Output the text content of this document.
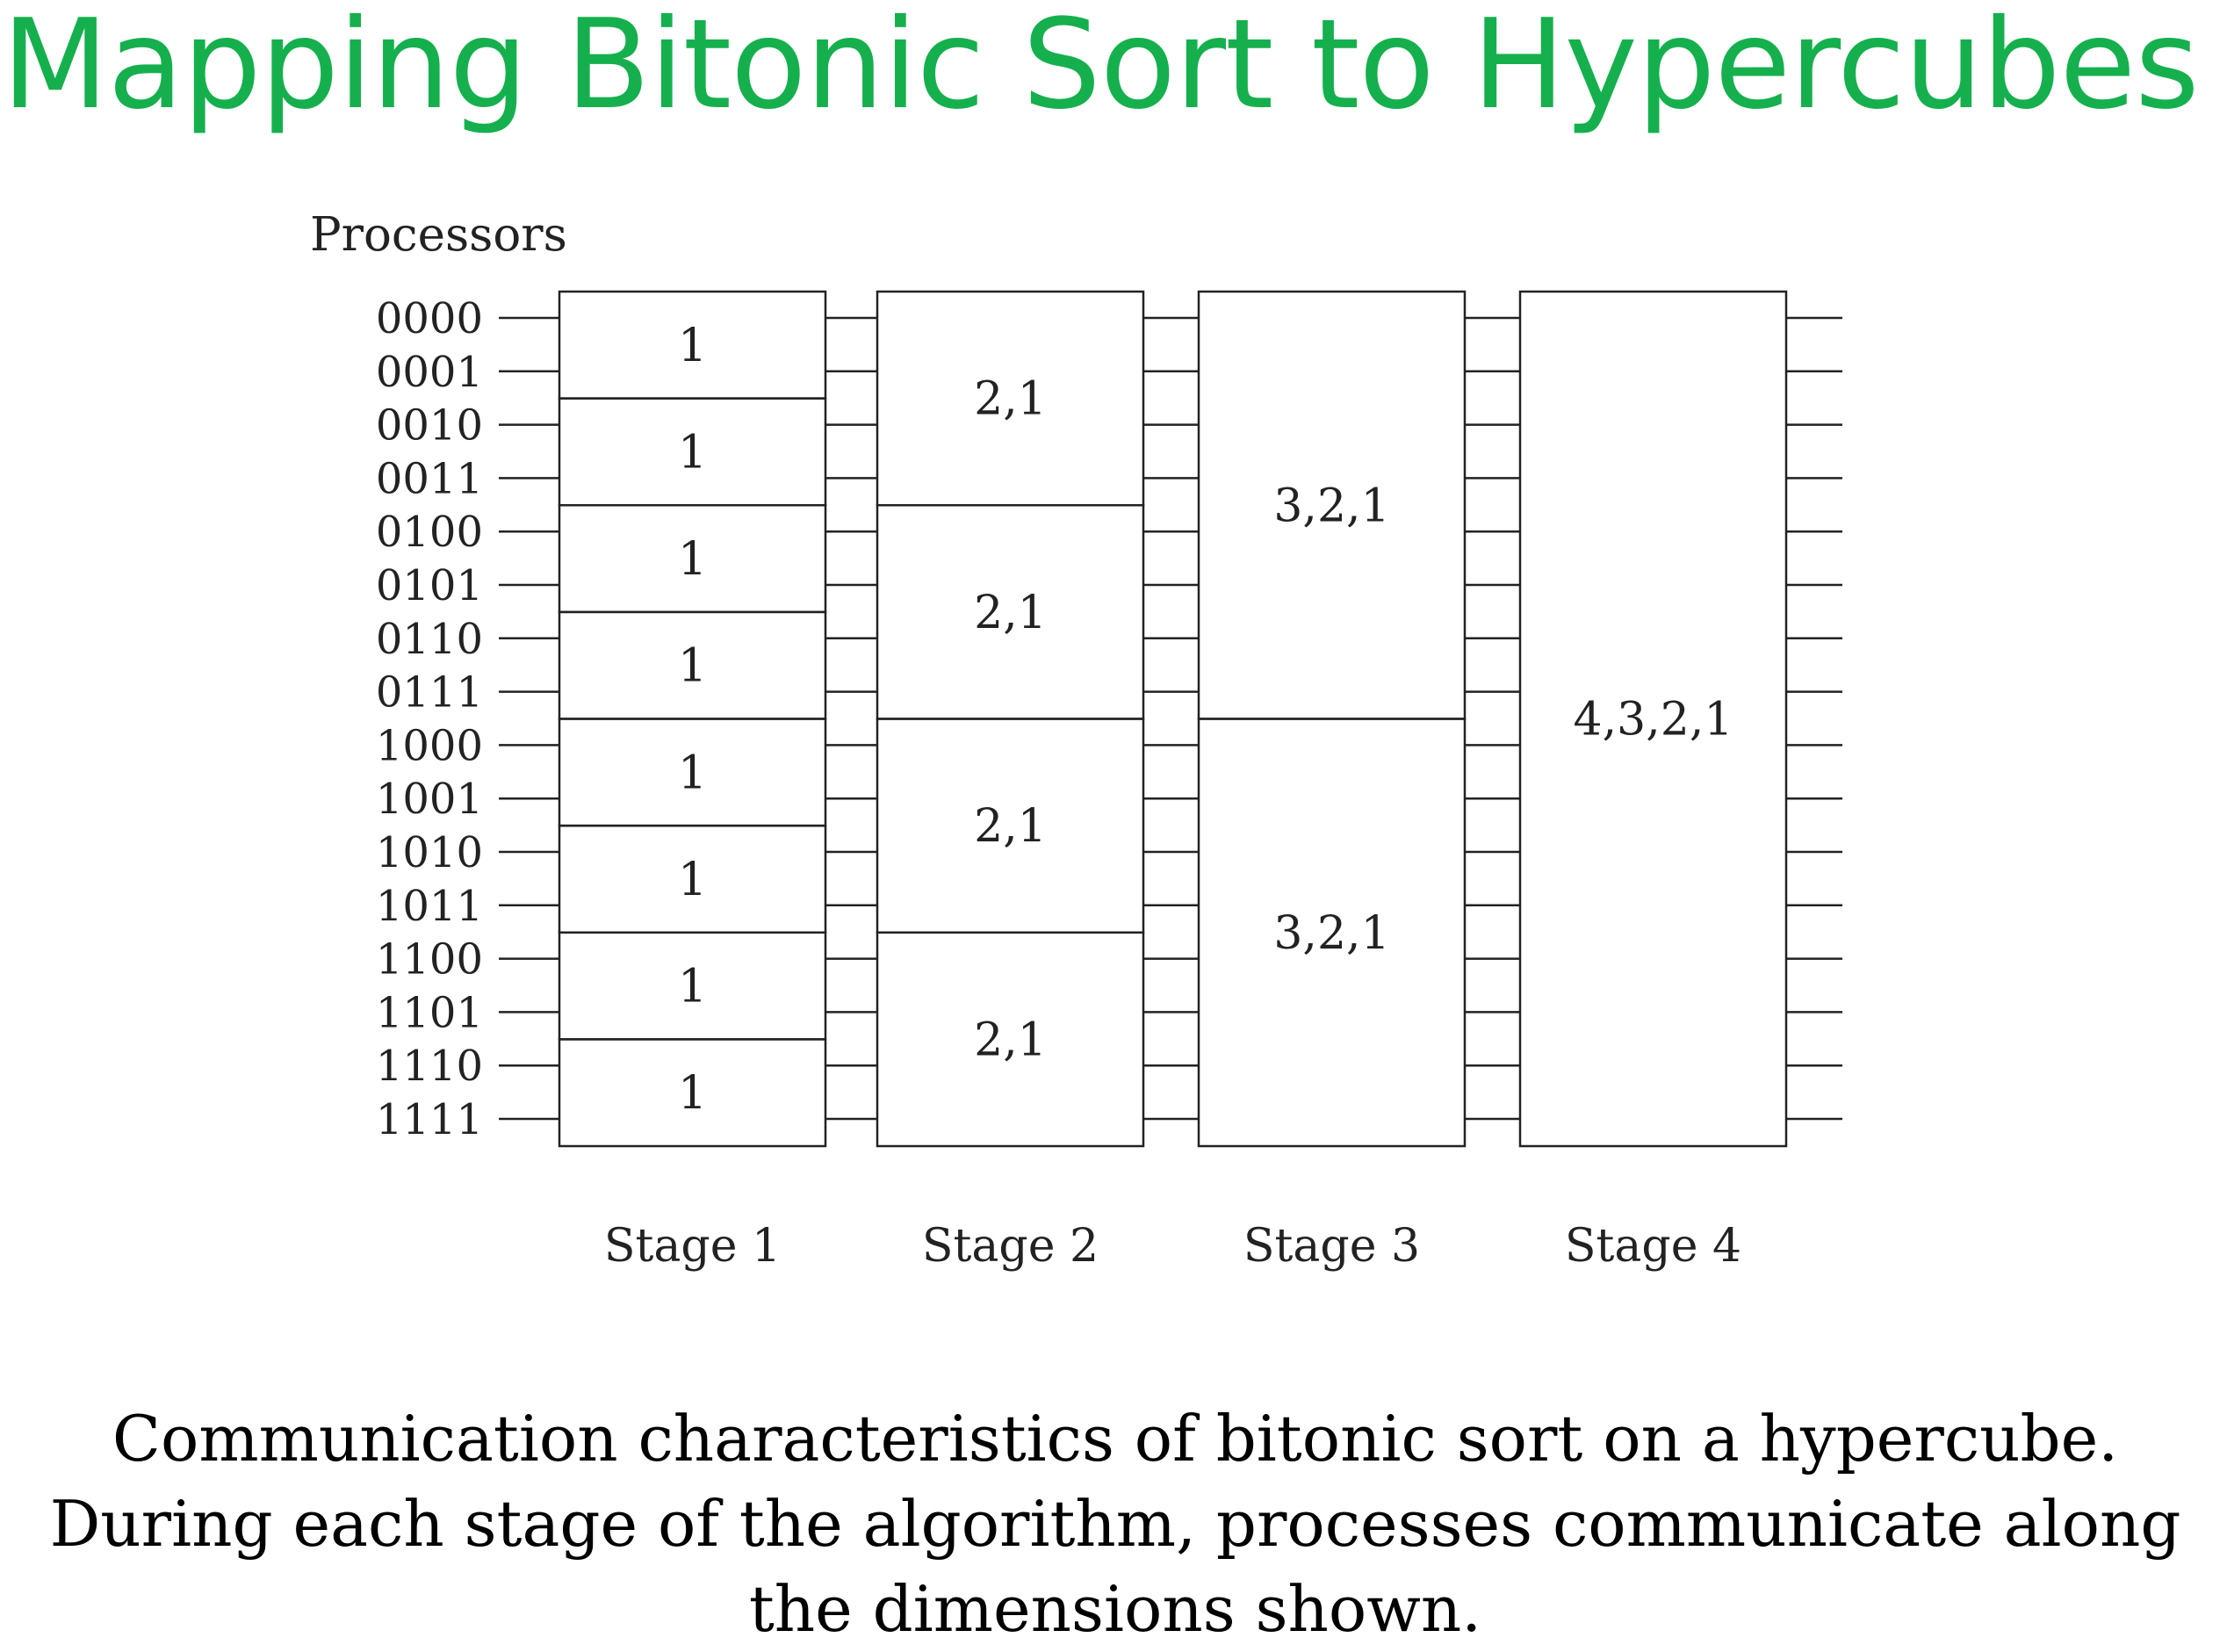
Mapping Bitonic Sort to Hypercubes
Processors
0000
0001
0010
0011
0100
0101
0110
0111
1000
1001
1010
1011
1100
1101
1110
1111
1
1
1
1
1
1
1
1
Stage 1
2,1
2,1
2,1
2,1
Stage 2
3,2,1
3,2,1
Stage 3
4,3,2,1
Stage 4

Communication characteristics of bitonic sort on a hypercube. During each stage of the algorithm, processes communicate along the dimensions shown.
